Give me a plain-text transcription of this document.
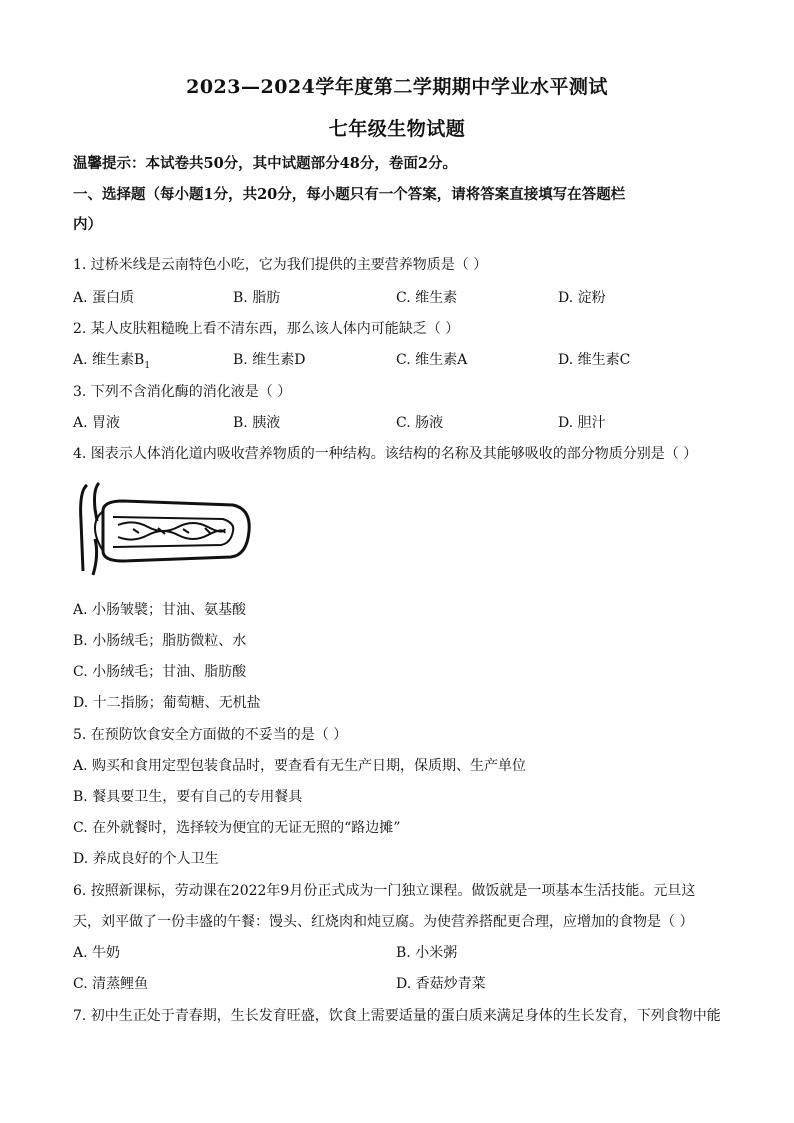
2023—2024学年度第二学期期中学业水平测试
七年级生物试题
温馨提示：本试卷共50分，其中试题部分48分，卷面2分。
一、选择题（每小题1分，共20分，每小题只有一个答案，请将答案直接填写在答题栏
内）
1. 过桥米线是云南特色小吃，它为我们提供的主要营养物质是（ ）
A. 蛋白质	B. 脂肪	C. 维生素	D. 淀粉
2. 某人皮肤粗糙晚上看不清东西，那么该人体内可能缺乏（ ）
A. 维生素$B_1$	B. 维生素D	C. 维生素A	D. 维生素C
3. 下列不含消化酶的消化液是（ ）
A. 胃液	B. 胰液	C. 肠液	D. 胆汁
4. 图表示人体消化道内吸收营养物质的一种结构。该结构的名称及其能够吸收的部分物质分别是（ ）
A. 小肠皱襞；甘油、氨基酸
B. 小肠绒毛；脂肪微粒、水
C. 小肠绒毛；甘油、脂肪酸
D. 十二指肠；葡萄糖、无机盐
5. 在预防饮食安全方面做的不妥当的是（ ）
A. 购买和食用定型包装食品时，要查看有无生产日期，保质期、生产单位
B. 餐具要卫生，要有自己的专用餐具
C. 在外就餐时，选择较为便宜的无证无照的“路边摊”
D. 养成良好的个人卫生
6. 按照新课标，劳动课在2022年9月份正式成为一门独立课程。做饭就是一项基本生活技能。元旦这
天，刘平做了一份丰盛的午餐：馒头、红烧肉和炖豆腐。为使营养搭配更合理，应增加的食物是（ ）
A. 牛奶	B. 小米粥
C. 清蒸鲤鱼	D. 香菇炒青菜
7. 初中生正处于青春期，生长发育旺盛，饮食上需要适量的蛋白质来满足身体的生长发育，下列食物中能
